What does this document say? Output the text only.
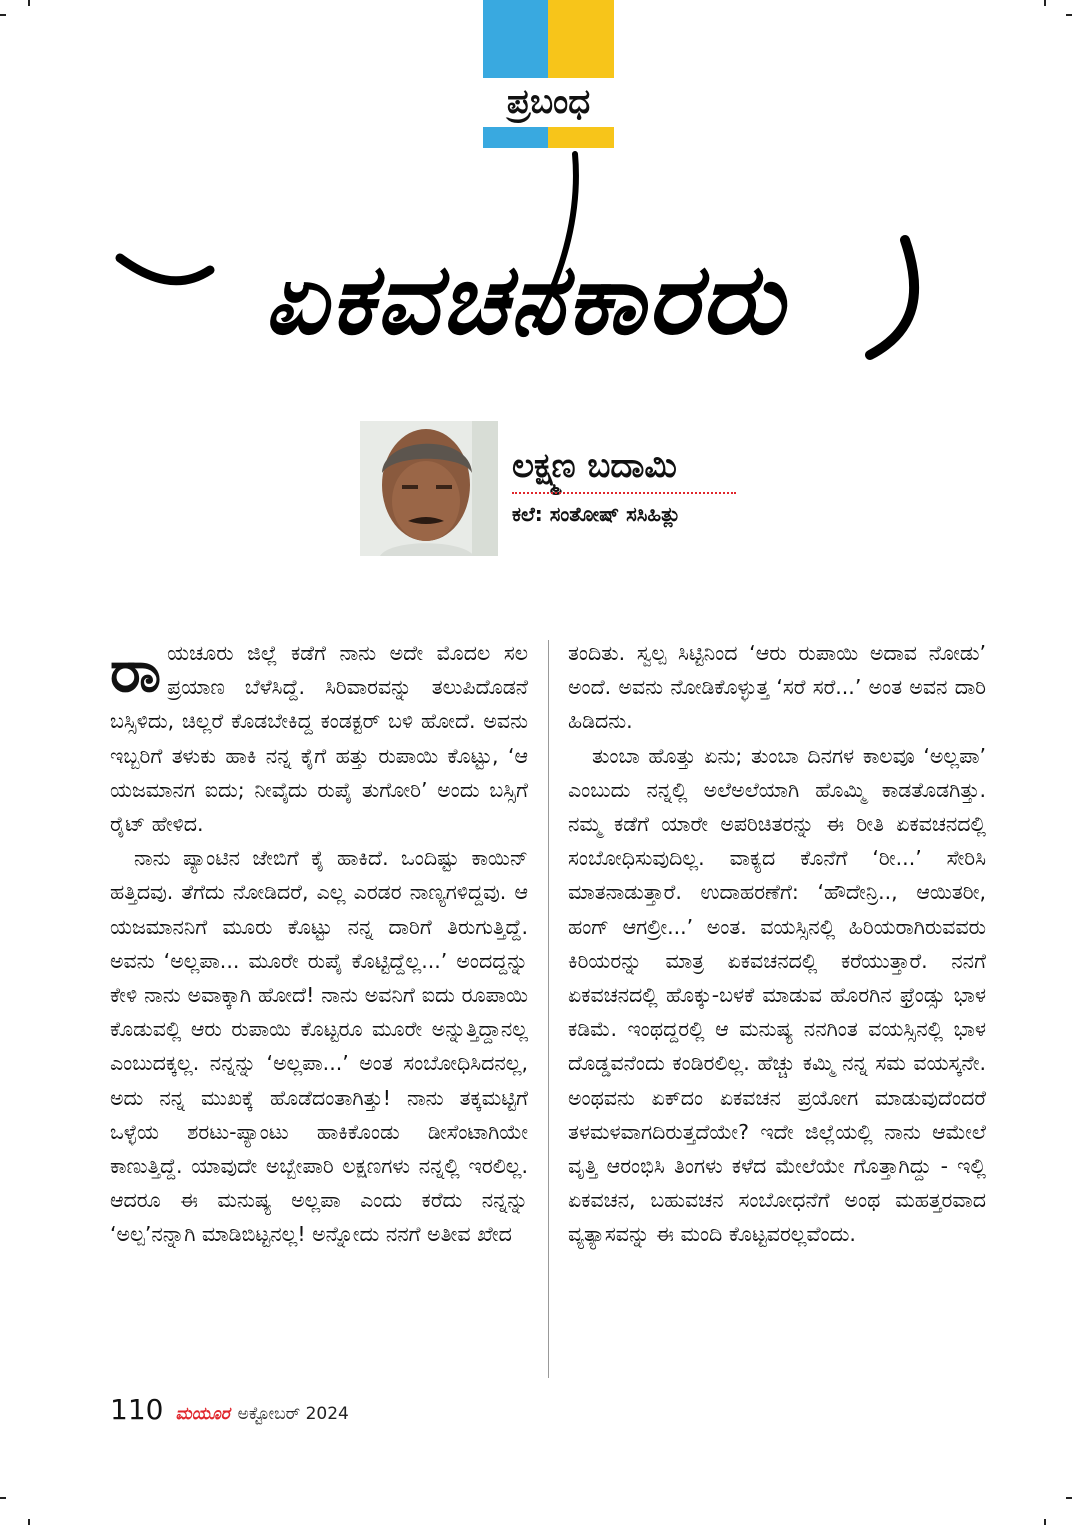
ಪ್ರಬಂಧ
ಏಕವಚನಕಾರರು
ಲಕ್ಷ್ಮಣ ಬದಾಮಿ
ಕಲೆ: ಸಂತೋಷ್ ಸಸಿಹಿತ್ಲು

ರಾಯಚೂರು ಜಿಲ್ಲೆ ಕಡೆಗೆ ನಾನು ಅದೇ ಮೊದಲ ಸಲ ಪ್ರಯಾಣ ಬೆಳೆಸಿದ್ದೆ. ಸಿರಿವಾರವನ್ನು ತಲುಪಿದೊಡನೆ ಬಸ್ಸಿಳಿದು, ಚಿಲ್ಲರೆ ಕೊಡಬೇಕಿದ್ದ ಕಂಡಕ್ಟರ್ ಬಳಿ ಹೋದೆ. ಅವನು ಇಬ್ಬರಿಗೆ ತಳುಕು ಹಾಕಿ ನನ್ನ ಕೈಗೆ ಹತ್ತು ರುಪಾಯಿ ಕೊಟ್ಟು, ‘ಆ ಯಜಮಾನಗ ಐದು; ನೀವೈದು ರುಪೈ ತುಗೋರಿ’ ಅಂದು ಬಸ್ಸಿಗೆ ರೈಟ್ ಹೇಳಿದ.

ನಾನು ಪ್ಯಾಂಟಿನ ಜೇಬಿಗೆ ಕೈ ಹಾಕಿದೆ. ಒಂದಿಷ್ಟು ಕಾಯಿನ್ ಹತ್ತಿದವು. ತೆಗೆದು ನೋಡಿದರೆ, ಎಲ್ಲ ಎರಡರ ನಾಣ್ಯಗಳಿದ್ದವು. ಆ ಯಜಮಾನನಿಗೆ ಮೂರು ಕೊಟ್ಟು ನನ್ನ ದಾರಿಗೆ ತಿರುಗುತ್ತಿದ್ದೆ. ಅವನು ‘ಅಲ್ಲಪಾ... ಮೂರೇ ರುಪೈ ಕೊಟ್ಟಿದ್ದೆಲ್ಲ...’ ಅಂದದ್ದನ್ನು ಕೇಳಿ ನಾನು ಅವಾಕ್ಕಾಗಿ ಹೋದೆ! ನಾನು ಅವನಿಗೆ ಐದು ರೂಪಾಯಿ ಕೊಡುವಲ್ಲಿ ಆರು ರುಪಾಯಿ ಕೊಟ್ಟರೂ ಮೂರೇ ಅನ್ನುತ್ತಿದ್ದಾನಲ್ಲ ಎಂಬುದಕ್ಕಲ್ಲ. ನನ್ನನ್ನು ‘ಅಲ್ಲಪಾ...’ ಅಂತ ಸಂಬೋಧಿಸಿದನಲ್ಲ, ಅದು ನನ್ನ ಮುಖಕ್ಕೆ ಹೊಡೆದಂತಾಗಿತ್ತು! ನಾನು ತಕ್ಕಮಟ್ಟಿಗೆ ಒಳ್ಳೆಯ ಶರಟು-ಪ್ಯಾಂಟು ಹಾಕಿಕೊಂಡು ಡೀಸೆಂಟಾಗಿಯೇ ಕಾಣುತ್ತಿದ್ದೆ. ಯಾವುದೇ ಅಬ್ಬೇಪಾರಿ ಲಕ್ಷಣಗಳು ನನ್ನಲ್ಲಿ ಇರಲಿಲ್ಲ. ಆದರೂ ಈ ಮನುಷ್ಯ ಅಲ್ಲಪಾ ಎಂದು ಕರೆದು ನನ್ನನ್ನು ‘ಅಲ್ಪ’ನನ್ನಾಗಿ ಮಾಡಿಬಿಟ್ಟನಲ್ಲ! ಅನ್ನೋದು ನನಗೆ ಅತೀವ ಖೇದ

ತಂದಿತು. ಸ್ವಲ್ಪ ಸಿಟ್ಟಿನಿಂದ ‘ಆರು ರುಪಾಯಿ ಅದಾವ ನೋಡು’ ಅಂದೆ. ಅವನು ನೋಡಿಕೊಳ್ಳುತ್ತ ‘ಸರೆ ಸರೆ...’ ಅಂತ ಅವನ ದಾರಿ ಹಿಡಿದನು.

ತುಂಬಾ ಹೊತ್ತು ಏನು; ತುಂಬಾ ದಿನಗಳ ಕಾಲವೂ ‘ಅಲ್ಲಪಾ’ ಎಂಬುದು ನನ್ನಲ್ಲಿ ಅಲೆಅಲೆಯಾಗಿ ಹೊಮ್ಮಿ ಕಾಡತೊಡಗಿತ್ತು. ನಮ್ಮ ಕಡೆಗೆ ಯಾರೇ ಅಪರಿಚಿತರನ್ನು ಈ ರೀತಿ ಏಕವಚನದಲ್ಲಿ ಸಂಬೋಧಿಸುವುದಿಲ್ಲ. ವಾಕ್ಯದ ಕೊನೆಗೆ ‘ರೀ...’ ಸೇರಿಸಿ ಮಾತನಾಡುತ್ತಾರೆ. ಉದಾಹರಣೆಗೆ: ‘ಹೌದೇನ್ರಿ.., ಆಯಿತರೀ, ಹಂಗ್ ಆಗಲ್ರೀ...’ ಅಂತ. ವಯಸ್ಸಿನಲ್ಲಿ ಹಿರಿಯರಾಗಿರುವವರು ಕಿರಿಯರನ್ನು ಮಾತ್ರ ಏಕವಚನದಲ್ಲಿ ಕರೆಯುತ್ತಾರೆ. ನನಗೆ ಏಕವಚನದಲ್ಲಿ ಹೊಕ್ಕು-ಬಳಕೆ ಮಾಡುವ ಹೊರಗಿನ ಫ್ರೆಂಡ್ಸು ಭಾಳ ಕಡಿಮೆ. ಇಂಥದ್ದರಲ್ಲಿ ಆ ಮನುಷ್ಯ ನನಗಿಂತ ವಯಸ್ಸಿನಲ್ಲಿ ಭಾಳ ದೊಡ್ಡವನೆಂದು ಕಂಡಿರಲಿಲ್ಲ. ಹೆಚ್ಚು ಕಮ್ಮಿ ನನ್ನ ಸಮ ವಯಸ್ಕನೇ. ಅಂಥವನು ಏಕ್‌ದಂ ಏಕವಚನ ಪ್ರಯೋಗ ಮಾಡುವುದೆಂದರೆ ತಳಮಳವಾಗದಿರುತ್ತದೆಯೇ? ಇದೇ ಜಿಲ್ಲೆಯಲ್ಲಿ ನಾನು ಆಮೇಲೆ ವೃತ್ತಿ ಆರಂಭಿಸಿ ತಿಂಗಳು ಕಳೆದ ಮೇಲೆಯೇ ಗೊತ್ತಾಗಿದ್ದು - ಇಲ್ಲಿ ಏಕವಚನ, ಬಹುವಚನ ಸಂಬೋಧನೆಗೆ ಅಂಥ ಮಹತ್ತರವಾದ ವ್ಯತ್ಯಾಸವನ್ನು ಈ ಮಂದಿ ಕೊಟ್ಟವರಲ್ಲವೆಂದು.

110 ಮಯೂರ ಅಕ್ಟೋಬರ್ 2024
